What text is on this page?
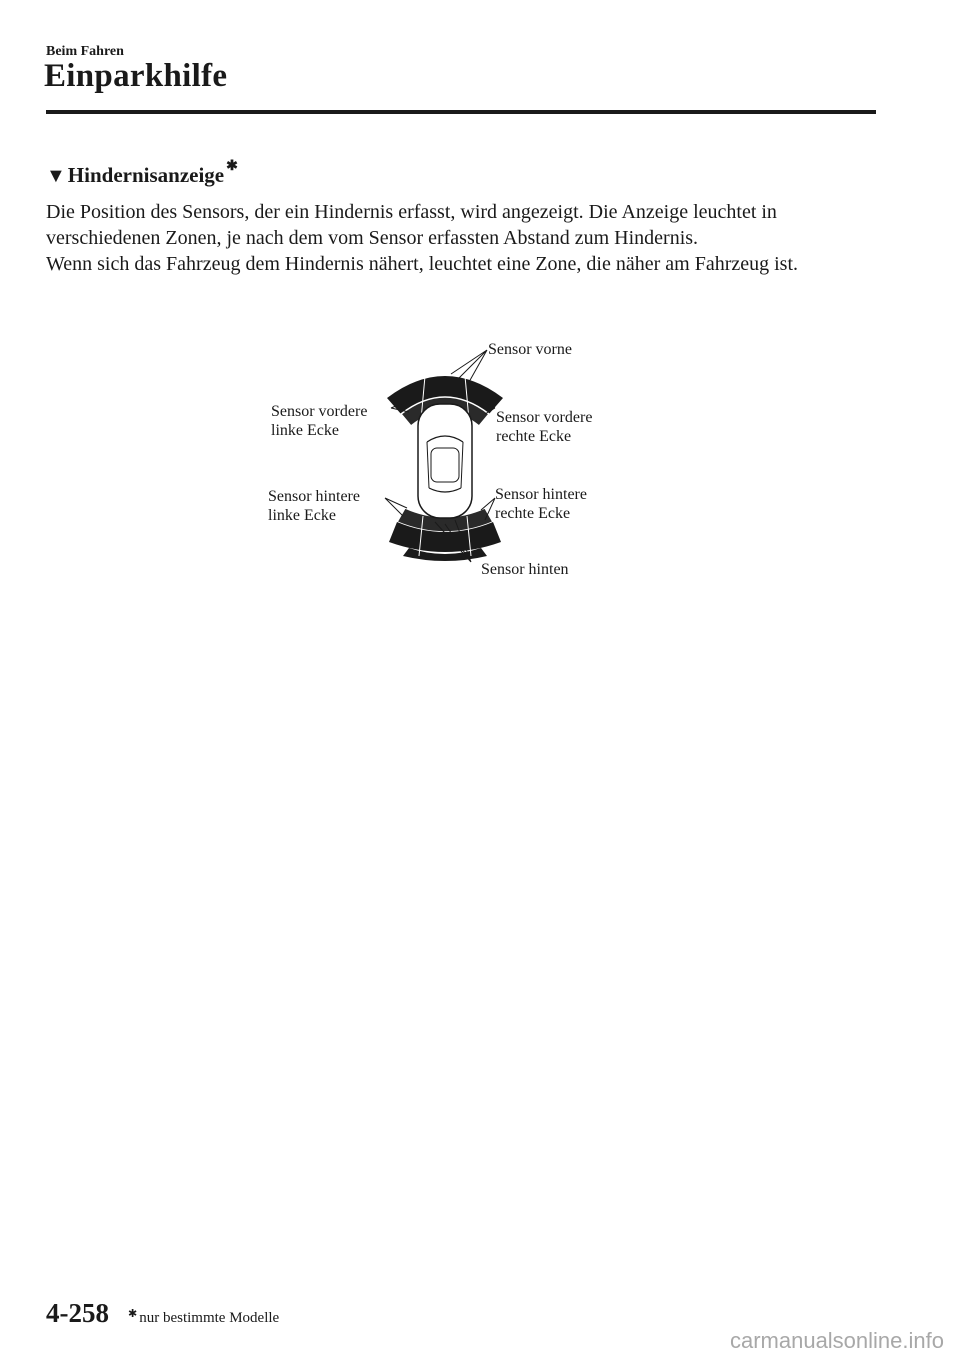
Beim Fahren
Einparkhilfe
▼Hindernisanzeige ✱

Die Position des Sensors, der ein Hindernis erfasst, wird angezeigt. Die Anzeige leuchtet in verschiedenen Zonen, je nach dem vom Sensor erfassten Abstand zum Hindernis.

Wenn sich das Fahrzeug dem Hindernis nähert, leuchtet eine Zone, die näher am Fahrzeug ist.

Sensor vorne
Sensor vordere
linke Ecke
Sensor vordere
rechte Ecke
Sensor hintere
linke Ecke
Sensor hintere
rechte Ecke
Sensor hinten
4-258 ✱ nur bestimmte Modelle
carmanualsonline.info
